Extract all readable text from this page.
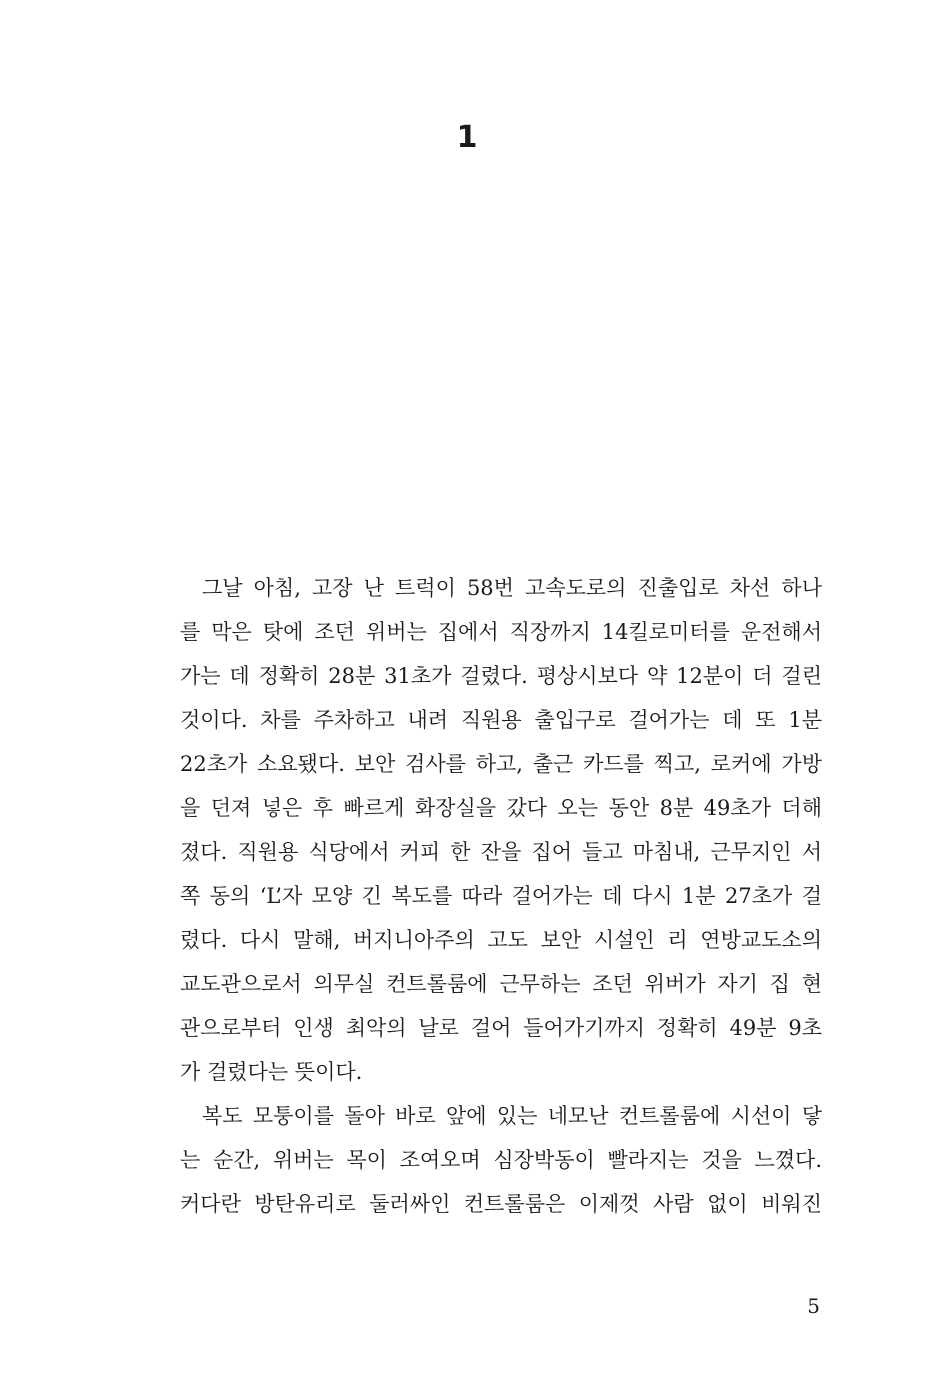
1
그날 아침, 고장 난 트럭이 58번 고속도로의 진출입로 차선 하나
를 막은 탓에 조던 위버는 집에서 직장까지 14킬로미터를 운전해서
가는 데 정확히 28분 31초가 걸렸다. 평상시보다 약 12분이 더 걸린
것이다. 차를 주차하고 내려 직원용 출입구로 걸어가는 데 또 1분
22초가 소요됐다. 보안 검사를 하고, 출근 카드를 찍고, 로커에 가방
을 던져 넣은 후 빠르게 화장실을 갔다 오는 동안 8분 49초가 더해
졌다. 직원용 식당에서 커피 한 잔을 집어 들고 마침내, 근무지인 서
쪽 동의 ‘L’자 모양 긴 복도를 따라 걸어가는 데 다시 1분 27초가 걸
렸다. 다시 말해, 버지니아주의 고도 보안 시설인 리 연방교도소의
교도관으로서 의무실 컨트롤룸에 근무하는 조던 위버가 자기 집 현
관으로부터 인생 최악의 날로 걸어 들어가기까지 정확히 49분 9초
가 걸렸다는 뜻이다.
복도 모퉁이를 돌아 바로 앞에 있는 네모난 컨트롤룸에 시선이 닿
는 순간, 위버는 목이 조여오며 심장박동이 빨라지는 것을 느꼈다.
커다란 방탄유리로 둘러싸인 컨트롤룸은 이제껏 사람 없이 비워진
5
